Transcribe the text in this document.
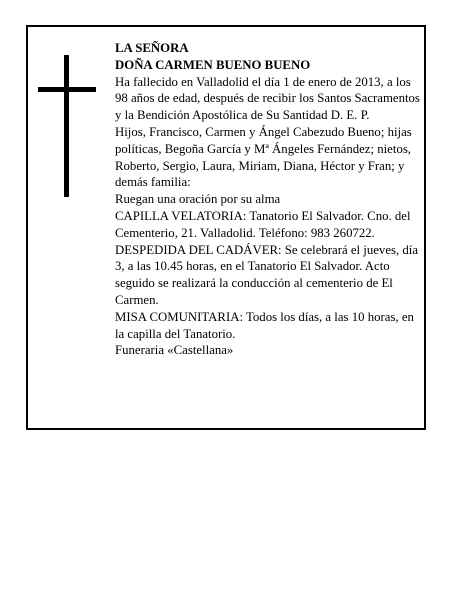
LA SEÑORA

DOÑA CARMEN BUENO BUENO

Ha fallecido en Valladolid el día 1 de enero de 2013, a los 98 años de edad, después de recibir los Santos Sacramentos y la Bendición Apostólica de Su Santidad D. E. P.

Hijos, Francisco, Carmen y Ángel Cabezudo Bueno; hijas políticas, Begoña García y Mª Ángeles Fernández; nietos, Roberto, Sergio, Laura, Miriam, Diana, Héctor y Fran; y demás familia:

Ruegan una oración por su alma

CAPILLA VELATORIA: Tanatorio El Salvador. Cno. del Cementerio, 21. Valladolid. Teléfono: 983 260722.

DESPEDIDA DEL CADÁVER: Se celebrará el jueves, día 3, a las 10.45 horas, en el Tanatorio El Salvador. Acto seguido se realizará la conducción al cementerio de El Carmen.

MISA COMUNITARIA: Todos los días, a las 10 horas, en la capilla del Tanatorio.

Funeraria «Castellana»
